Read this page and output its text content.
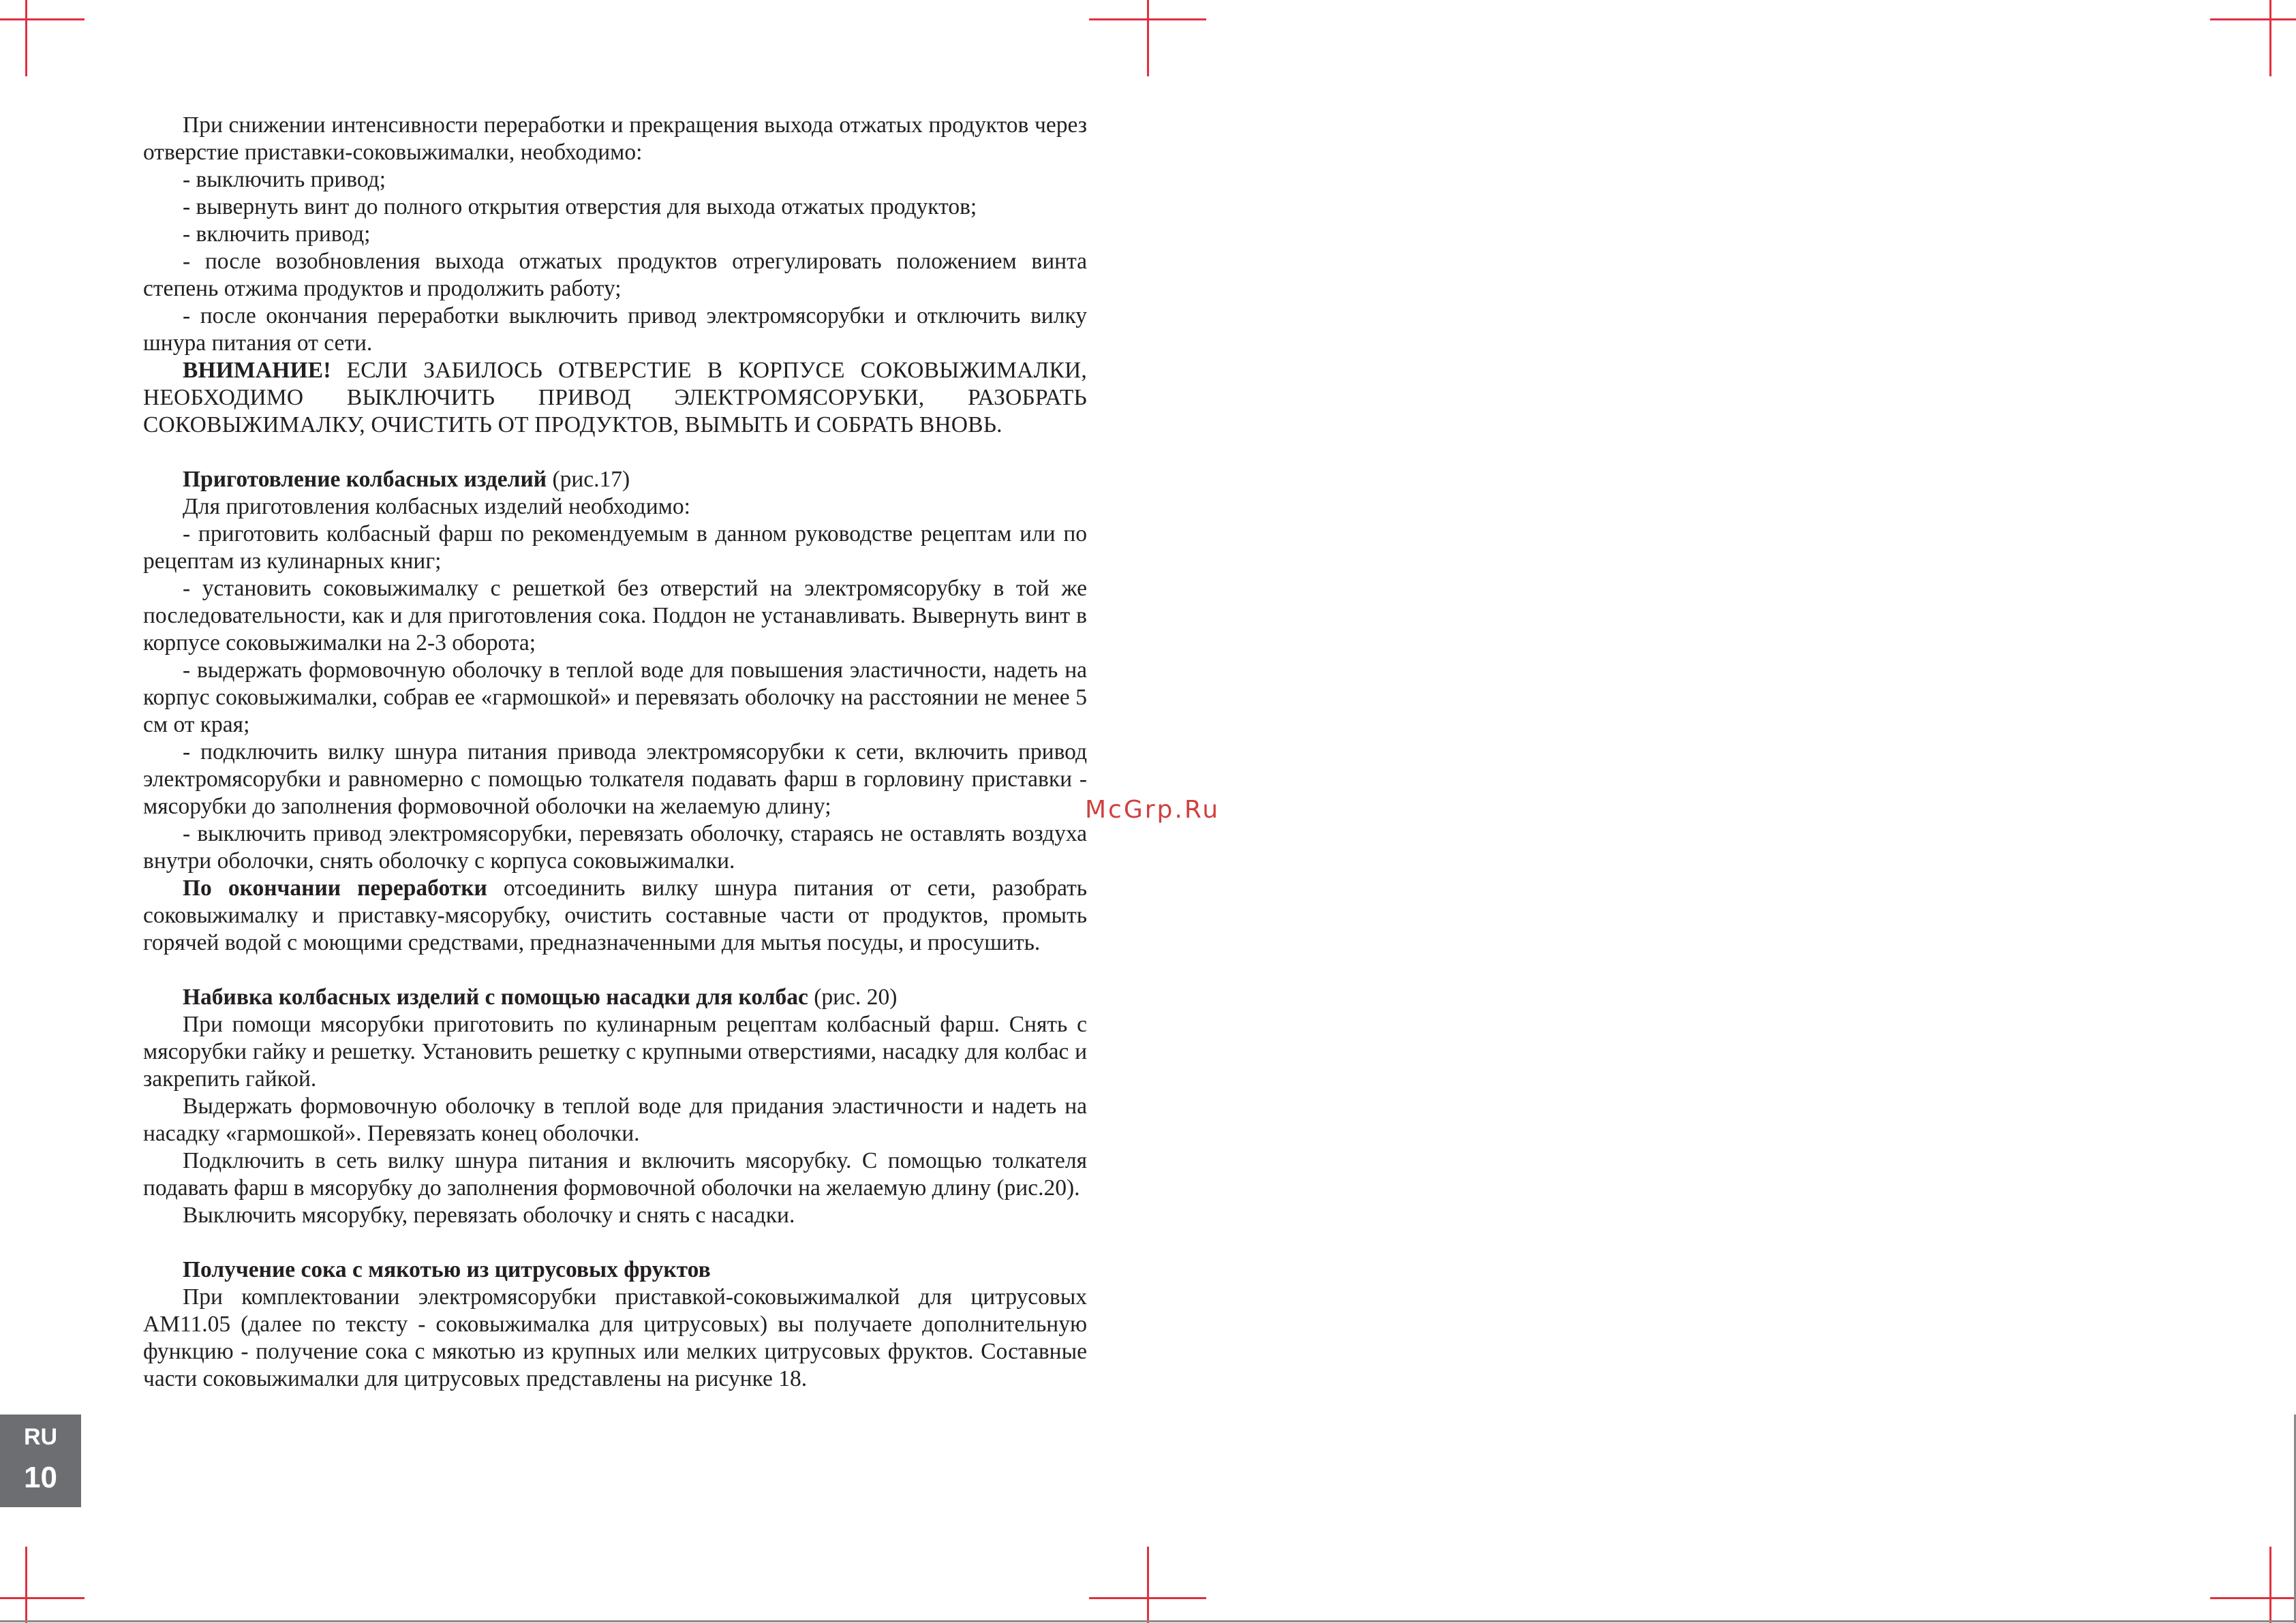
При снижении интенсивности переработки и прекращения выхода отжатых продуктов через отверстие приставки-соковыжималки, необходимо:

- выключить привод;

- вывернуть винт до полного открытия отверстия для выхода отжатых продуктов;

- включить привод;

- после возобновления выхода отжатых продуктов отрегулировать положением винта степень отжима продуктов и продолжить работу;

- после окончания переработки выключить привод электромясорубки и отключить вилку шнура питания от сети.

ВНИМАНИЕ! ЕСЛИ ЗАБИЛОСЬ ОТВЕРСТИЕ В КОРПУСЕ СОКОВЫЖИМАЛКИ, НЕОБХОДИМО ВЫКЛЮЧИТЬ ПРИВОД ЭЛЕКТРОМЯСОРУБКИ, РАЗОБРАТЬ СОКОВЫЖИМАЛКУ, ОЧИСТИТЬ ОТ ПРОДУКТОВ, ВЫМЫТЬ И СОБРАТЬ ВНОВЬ.

Приготовление колбасных изделий (рис.17)

Для приготовления колбасных изделий необходимо:

- приготовить колбасный фарш по рекомендуемым в данном руководстве рецептам или по рецептам из кулинарных книг;

- установить соковыжималку с решеткой без отверстий на электромясорубку в той же последовательности, как и для приготовления сока. Поддон не устанавливать. Вывернуть винт в корпусе соковыжималки на 2-3 оборота;

- выдержать формовочную оболочку в теплой воде для повышения эластичности, надеть на корпус соковыжималки, собрав ее «гармошкой» и перевязать оболочку на расстоянии не менее 5 см от края;

- подключить вилку шнура питания привода электромясорубки к сети, включить привод электромясорубки и равномерно с помощью толкателя подавать фарш в горловину приставки - мясорубки до заполнения формовочной оболочки на желаемую длину;

- выключить привод электромясорубки, перевязать оболочку, стараясь не оставлять воздуха внутри оболочки, снять оболочку с корпуса соковыжималки.

По окончании переработки отсоединить вилку шнура питания от сети, разобрать соковыжималку и приставку-мясорубку, очистить составные части от продуктов, промыть горячей водой с моющими средствами, предназначенными для мытья посуды, и просушить.

Набивка колбасных изделий с помощью насадки для колбас (рис. 20)

При помощи мясорубки приготовить по кулинарным рецептам колбасный фарш. Снять с мясорубки гайку и решетку. Установить решетку с крупными отверстиями, насадку для колбас и закрепить гайкой.

Выдержать формовочную оболочку в теплой воде для придания эластичности и надеть на насадку «гармошкой». Перевязать конец оболочки.

Подключить в сеть вилку шнура питания и включить мясорубку. С помощью толкателя подавать фарш в мясорубку до заполнения формовочной оболочки на желаемую длину (рис.20).

Выключить мясорубку, перевязать оболочку и снять с насадки.

Получение сока с мякотью из цитрусовых фруктов

При комплектовании электромясорубки приставкой-соковыжималкой для цитрусовых АМ11.05 (далее по тексту - соковыжималка для цитрусовых) вы получаете дополнительную функцию - получение сока с мякотью из крупных или мелких цитрусовых фруктов. Составные части соковыжималки для цитрусовых представлены на рисунке 18.

McGrp.Ru
RU
10
